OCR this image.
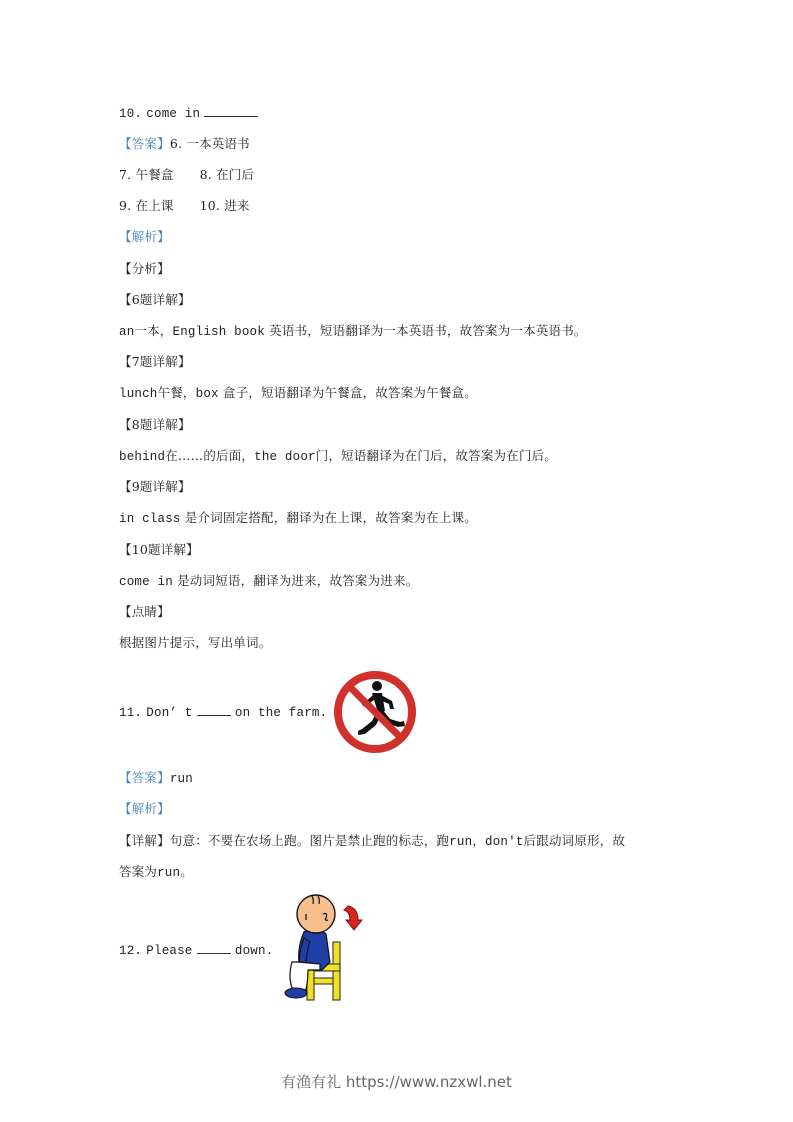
10. come in
【答案】6. 一本英语书
7. 午餐盒 8. 在门后
9. 在上课 10. 进来
【解析】
【分析】
【6题详解】
an一本，English book 英语书，短语翻译为一本英语书，故答案为一本英语书。
【7题详解】
lunch午餐，box 盒子，短语翻译为午餐盒，故答案为午餐盒。
【8题详解】
behind在……的后面，the door门，短语翻译为在门后，故答案为在门后。
【9题详解】
in class 是介词固定搭配，翻译为在上课，故答案为在上课。
【10题详解】
come in 是动词短语，翻译为进来，故答案为进来。
【点睛】
根据图片提示，写出单词。
11. Don’ t	on the farm.
【答案】run
【解析】
【详解】句意：不要在农场上跑。图片是禁止跑的标志，跑run，don't后跟动词原形，故
答案为run。
12. Please	down.
有渔有礼 https://www.nzxwl.net
